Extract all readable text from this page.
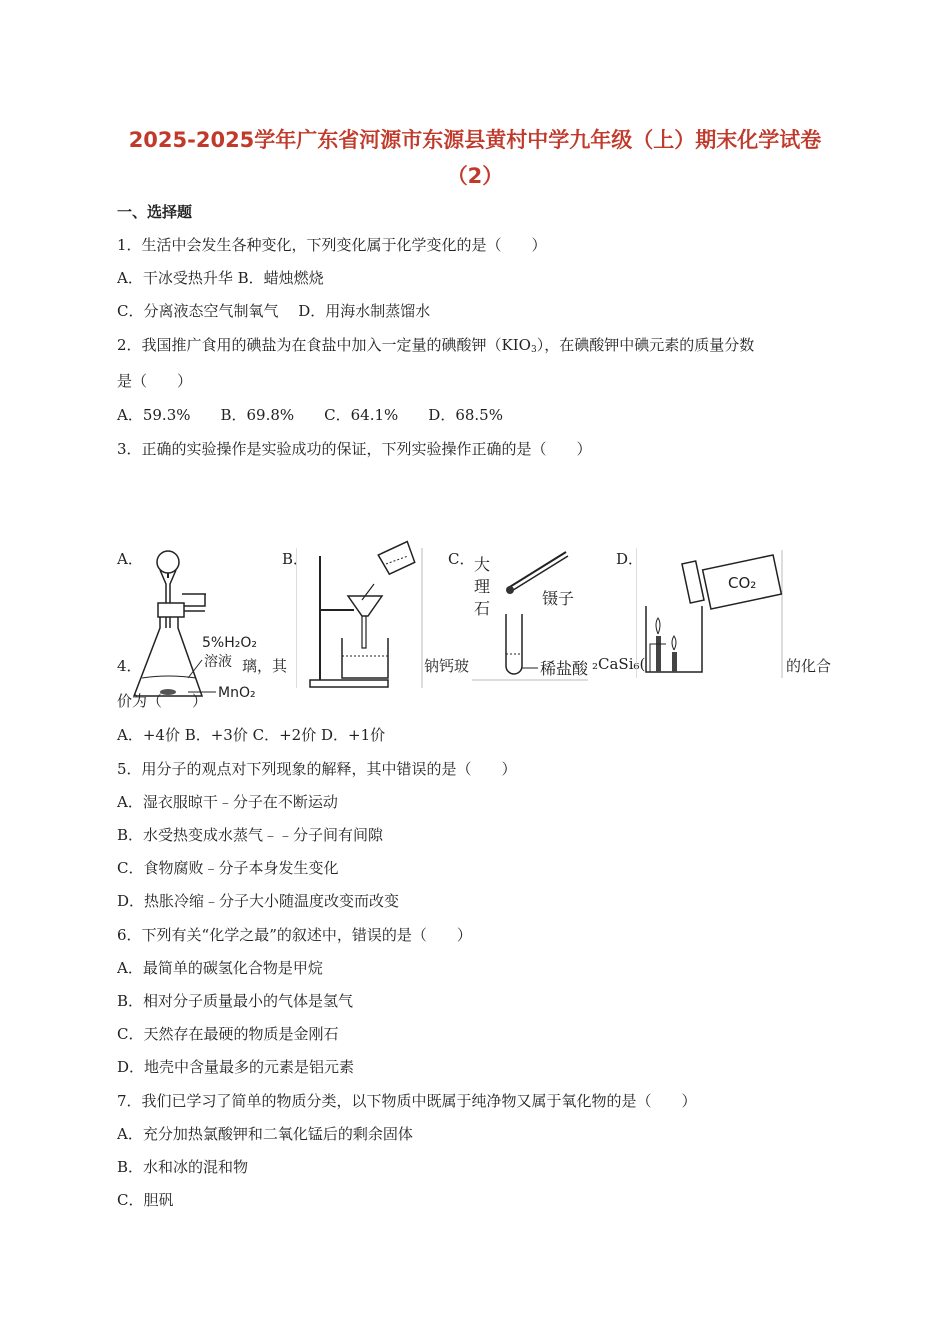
2025-2025学年广东省河源市东源县黄村中学九年级（上）期末化学试卷
（2）
一、选择题
1．生活中会发生各种变化，下列变化属于化学变化的是（　　）
A．干冰受热升华 B．蜡烛燃烧
C．分离液态空气制氧气　 D．用海水制蒸馏水
2．我国推广食用的碘盐为在食盐中加入一定量的碘酸钾$(KIO_3)$，在碘酸钾中碘元素的质量分数
是（　　）
A．59.3%　　B．69.8%　　C．64.1%　　D．68.5%
3．正确的实验操作是实验成功的保证，下列实验操作正确的是（　　）
4．	璃，其	钠钙玻	₂CaSi₆(	的化合
A．	B．	C．	D．
5%H₂O₂
溶液
MnO₂
大
理
石
镊子
稀盐酸
CO₂
价为（　　）
A．+4价 B．+3价 C．+2价 D．+1价
5．用分子的观点对下列现象的解释，其中错误的是（　　）
A．湿衣服晾干﹣分子在不断运动
B．水受热变成水蒸气﹣﹣分子间有间隙
C．食物腐败﹣分子本身发生变化
D．热胀冷缩﹣分子大小随温度改变而改变
6．下列有关“化学之最”的叙述中，错误的是（　　）
A．最简单的碳氢化合物是甲烷
B．相对分子质量最小的气体是氢气
C．天然存在最硬的物质是金刚石
D．地壳中含量最多的元素是铝元素
7．我们已学习了简单的物质分类，以下物质中既属于纯净物又属于氧化物的是（　　）
A．充分加热氯酸钾和二氧化锰后的剩余固体
B．水和冰的混和物
C．胆矾
